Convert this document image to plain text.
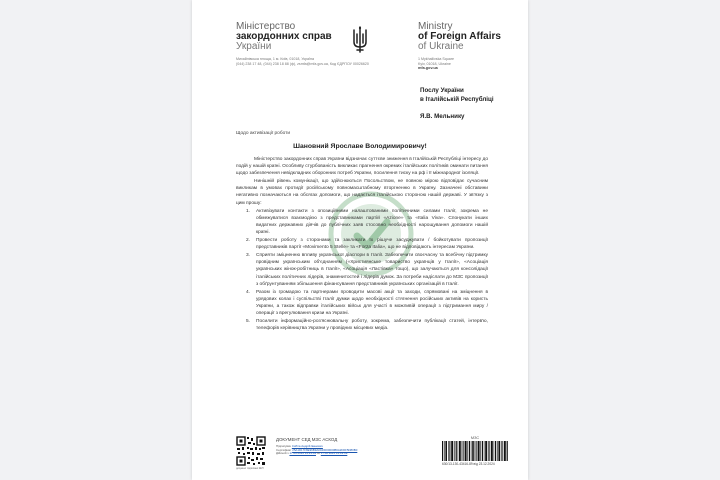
Міністерство
закордонних справ
України
Михайлівська площа, 1 м. Київ, 01018, Україна
(044) 238 17 48, (044) 238 18 88 (ф), zsmfa@mfa.gov.ua, Код ЄДРПОУ 00026620
Ministry
of Foreign Affairs
of Ukraine
1 Mykhailivska Square
Kyiv, 01018, Ukraine
mfa.gov.ua
Послу України
в Італійській Республіці
Я.В. Мельнику
Щодо активізації роботи
Шановний Ярославе Володимировичу!

Міністерство закордонних справ України відзначає суттєве зниження в Італійській Республіці інтересу до подій у нашій країні. Особливу стурбованість викликає прагнення окремих італійських політиків оминати питання щодо забезпечення невідкладних оборонних потреб України, посилення тиску на рф і її міжнародної ізоляції.

Нинішній рівень комунікації, що здійснюються Посольством, не повною мірою відповідає сучасним викликам в умовах протидії російському повномасштабному вторгненню в Україну. Зазначені обставини негативно позначаються на обсягах допомоги, що надається італійською стороною нашій державі. У зв'язку з цим прошу:

1. Активізувати контакти з опозиційними налаштованими політичними силами Італії, зокрема не обмежуватися взаємодією з представниками партій «Azione» та «Italia Viva». Спонукати інших видатних державних діячів до публічних заяв стосовно необхідності нарощування допомоги нашій країні.
2. Провести роботу з сторонами та закликати їх рішуче засуджувати / бойкотувати пропозиції представників партії «Movimento 5 Stelle» та «Forza Italia», що не відповідають інтересам України.
3. Сприяти зміцненню впливу української діаспори в Італії. Забезпечити своєчасну та всебічну підтримку провідним українським об'єднанням («Християнське товариство українців у Італії», «Асоціація українських жінок-робітниць в Італії», «Асоціація «Ластівка» тощо), що залучаються для консолідації італійських політичних лідерів, знаменитостей і лідерів думок. За потреби надіслати до МЗС пропозиції з обґрунтуванням збільшення фінансування представників українських організацій в Італії.
4. Разом із громадою та партнерами проводити масові акції та заходи, спрямовані на зміцнення в урядових колах і суспільстві Італії думки щодо необхідності стягнення російських активів на користь України, а також відправки італійських військ для участі в можливій операції з підтримання миру / операції з врегулювання кризи на Україні.
5. Посилити інформаційно-роз'яснювальну роботу, зокрема, забезпечити публікації статей, інтерв'ю, телефорів керівництва України у провідних місцевих медіа.
документ підписано КЕП
ДОКУМЕНТ СЕД МЗС АСКОД
Підписувач Сибіга Андрій Іванович
Сертифікат 25A1D17F8E96B9A0040000000B6A2D0F5D80B0
Дійсний з 17.06.2023 14:23:09 по 17.06.2025 14:23:09
МЗС
630/13-130-43416-89 від 23.12.2024
